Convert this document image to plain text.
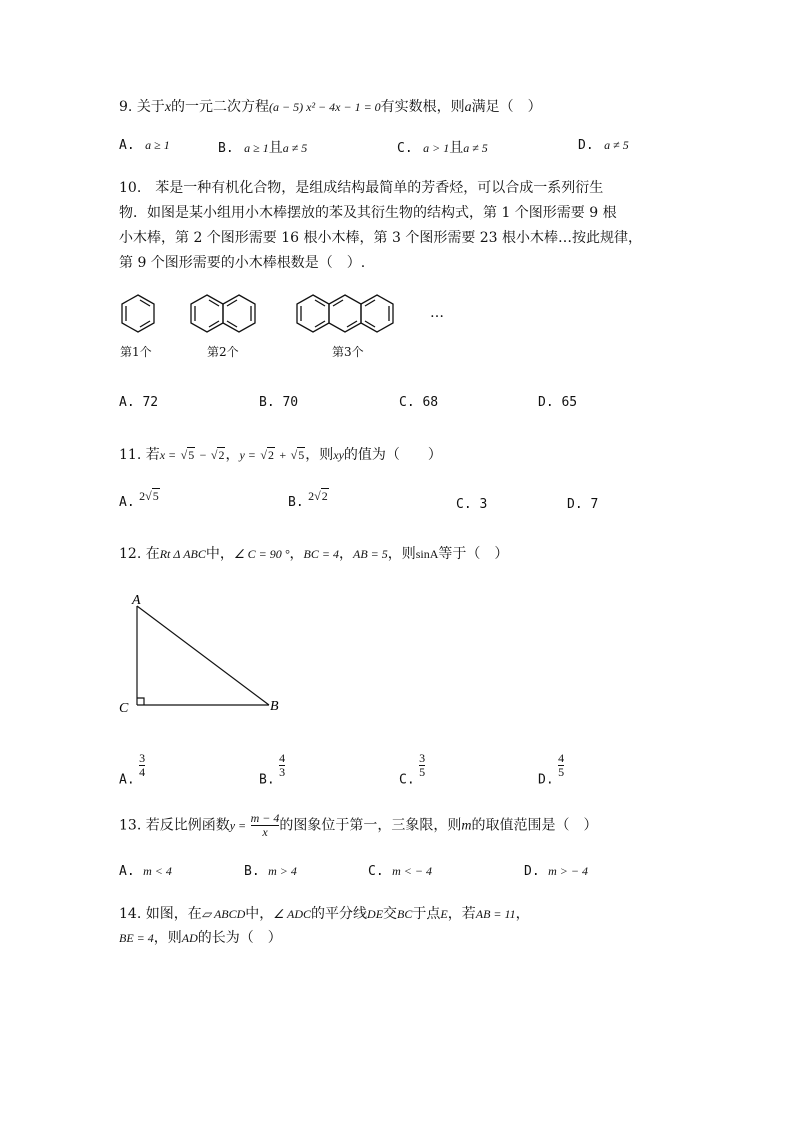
9. 关于x的一元二次方程(a − 5) x² − 4x − 1 = 0有实数根，则a满足（　）
A. a ≥ 1	B. a ≥ 1且a ≠ 5	C. a > 1且a ≠ 5	D. a ≠ 5
10.　苯是一种有机化合物，是组成结构最简单的芳香烃，可以合成一系列衍生
物．如图是某小组用小木棒摆放的苯及其衍生物的结构式，第 1 个图形需要 9 根
小木棒，第 2 个图形需要 16 根小木棒，第 3 个图形需要 23 根小木棒…按此规律，
第 9 个图形需要的小木棒根数是（　）.
…
第1个	第2个	第3个
A. 72	B. 70	C. 68	D. 65
11. 若x = √5 − √2，y = √2 + √5，则xy的值为（　　）
A. 2√5	B. 2√2
C. 3	D. 7
12. 在Rt Δ ABC中，∠ C = 90 °，BC = 4，AB = 5，则sinA等于（　）
A
C	B
A.
$\frac{3}{4}$
B.
$\frac{4}{3}$
C.
$\frac{3}{5}$
D.
$\frac{4}{5}$
13. 若反比例函数$y = \frac{m - 4}{x}$ 的图象位于第一，三象限，则m的取值范围是（　）
A. m < 4	B. m > 4	C. m < − 4	D. m > − 4
14. 如图，在▱ ABCD中，∠ ADC的平分线DE交BC于点E，若AB = 11，
BE = 4，则AD的长为（　）
